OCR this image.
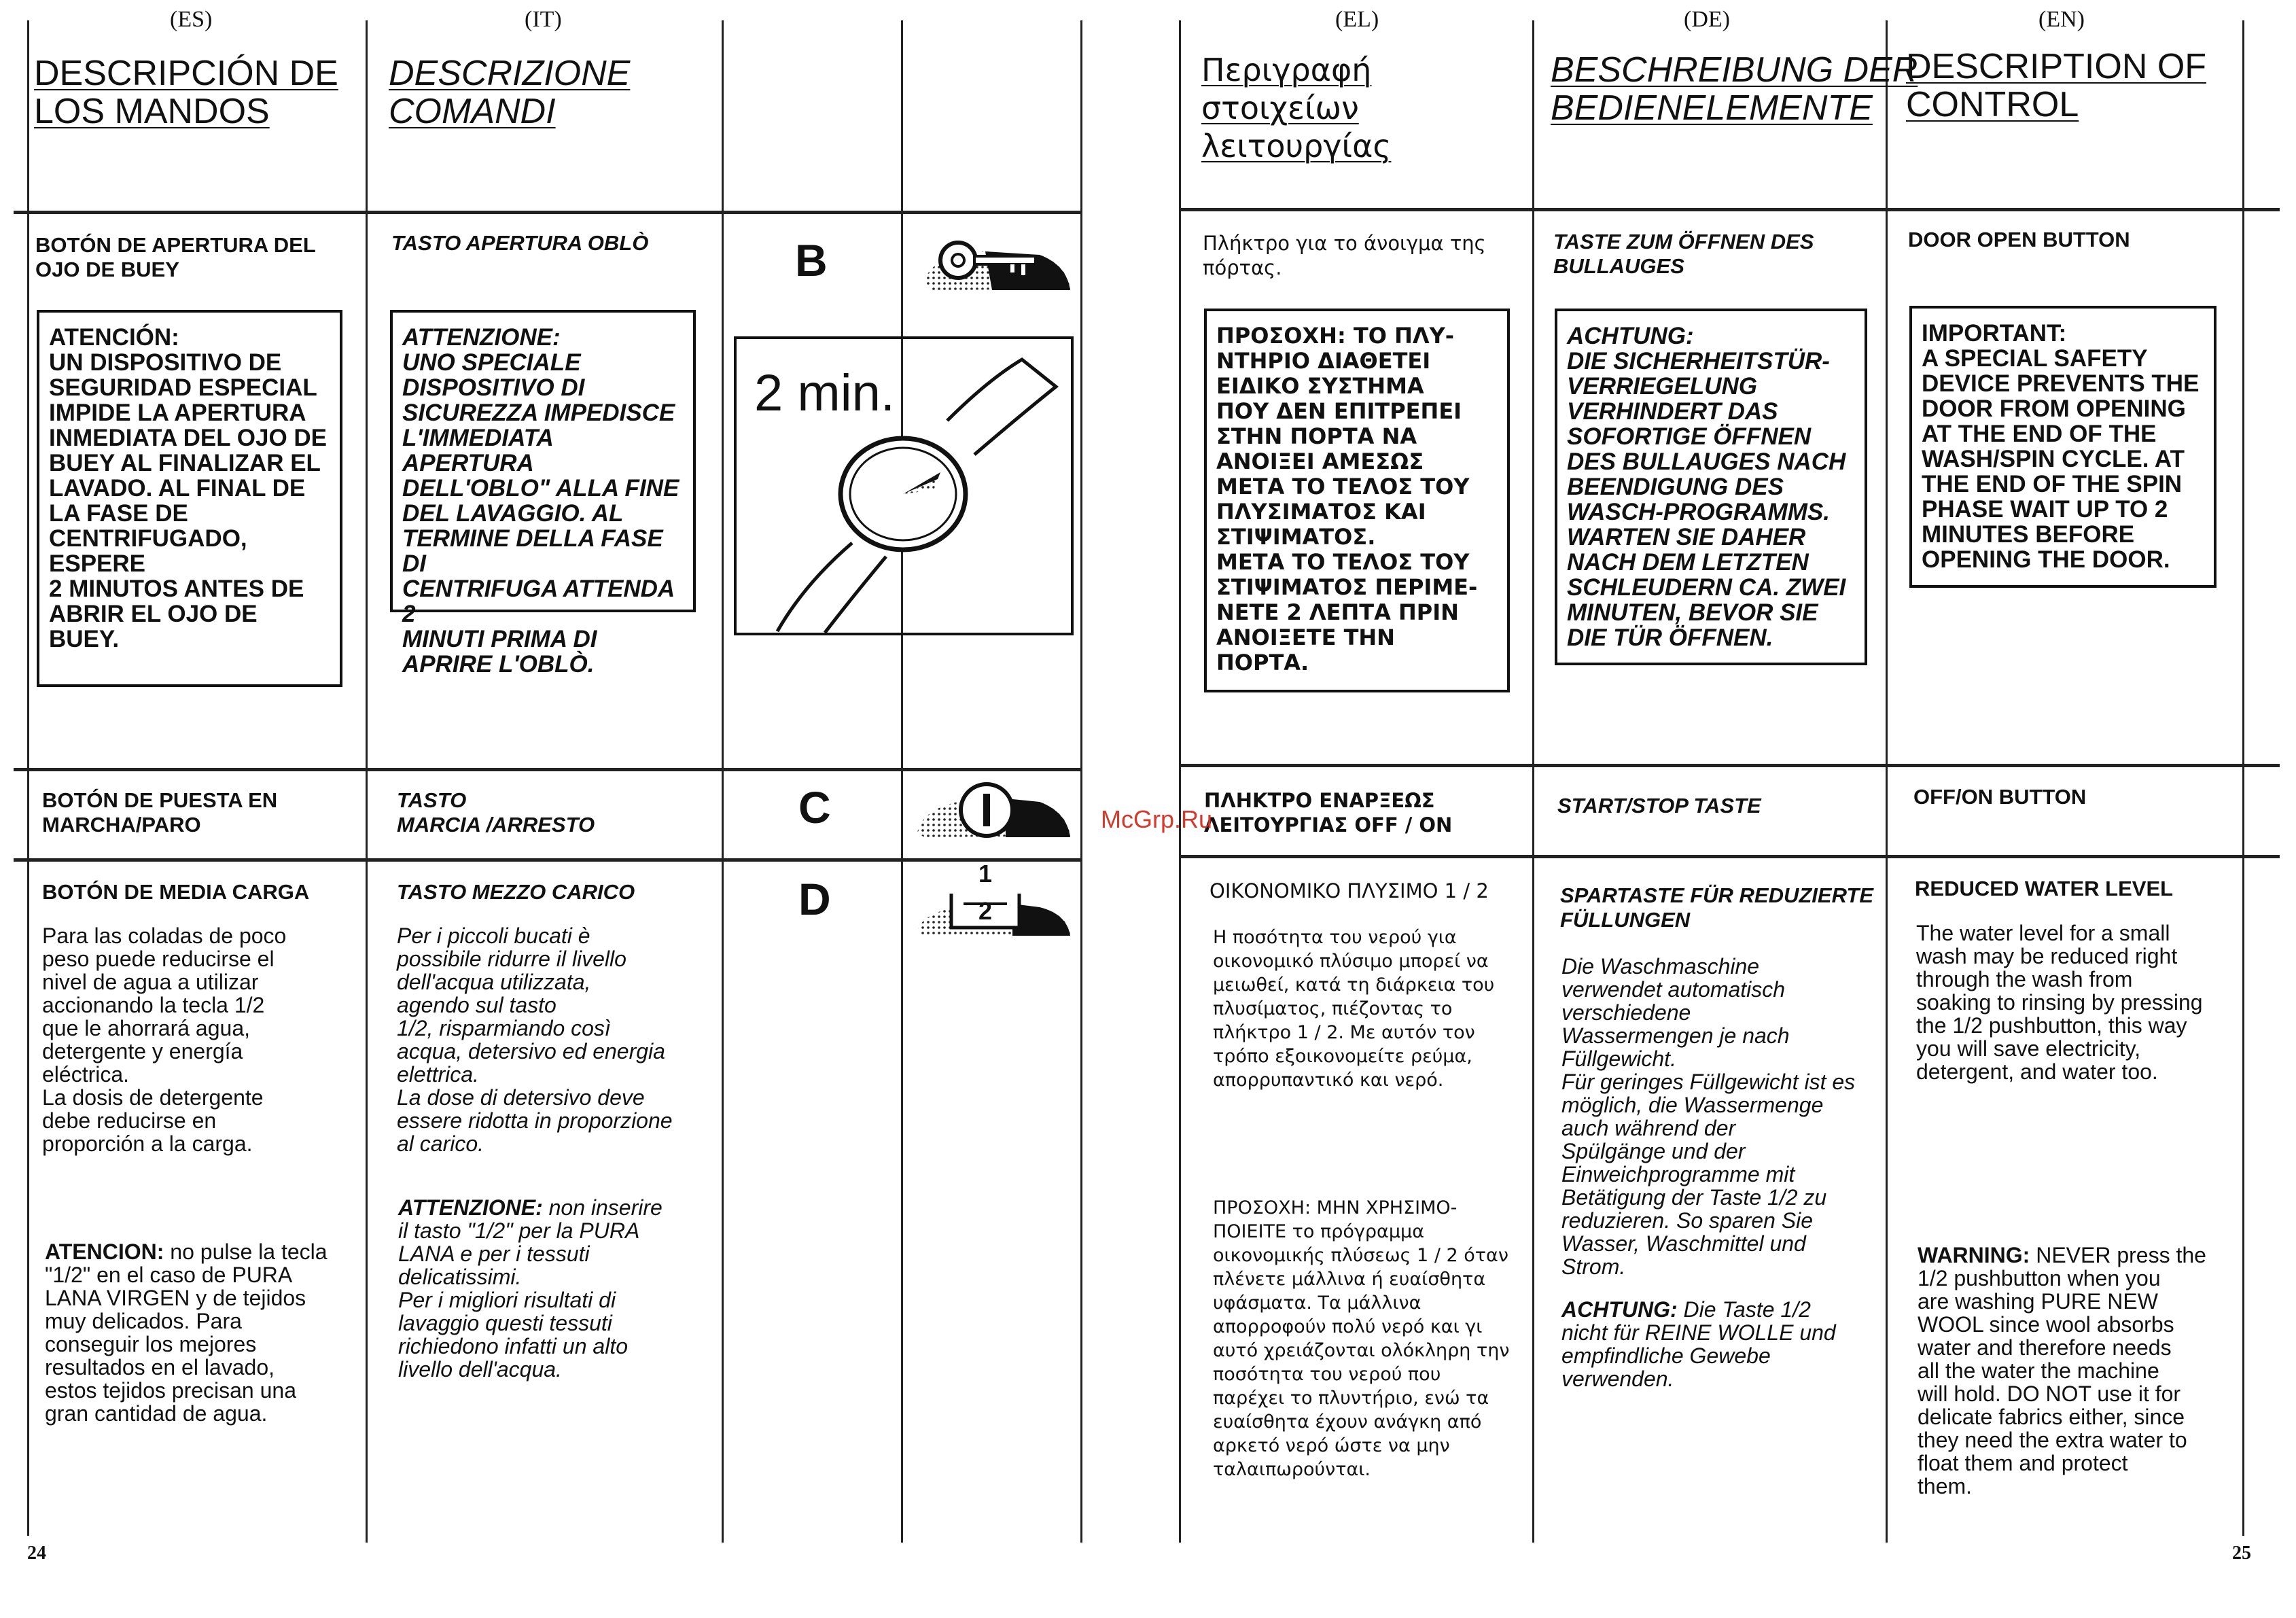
(ES)	(IT)
DESCRIPCIÓN DE
LOS MANDOS
DESCRIZIONE
COMANDI
BOTÓN DE APERTURA DEL
OJO DE BUEY
TASTO APERTURA OBLÒ
ATENCIÓN:
UN DISPOSITIVO DE
SEGURIDAD ESPECIAL
IMPIDE LA APERTURA
INMEDIATA DEL OJO DE
BUEY AL FINALIZAR EL
LAVADO. AL FINAL DE
LA FASE DE
CENTRIFUGADO, ESPERE
2 MINUTOS ANTES DE
ABRIR EL OJO DE BUEY.
ATTENZIONE:
UNO SPECIALE
DISPOSITIVO DI
SICUREZZA IMPEDISCE
L'IMMEDIATA APERTURA
DELL'OBLO" ALLA FINE
DEL LAVAGGIO. AL
TERMINE DELLA FASE DI
CENTRIFUGA ATTENDA 2
MINUTI PRIMA DI
APRIRE L'OBLÒ.
B
2 min.
BOTÓN DE PUESTA EN
MARCHA/PARO
TASTO
MARCIA /ARRESTO	C
BOTÓN DE MEDIA CARGA	TASTO MEZZO CARICO	D
1
2
Para las coladas de poco
peso puede reducirse el
nivel de agua a utilizar
accionando la tecla 1/2
que le ahorrará agua,
detergente y energía
eléctrica.
La dosis de detergente
debe reducirse en
proporción a la carga.
Per i piccoli bucati è
possibile ridurre il livello
dell'acqua utilizzata,
agendo sul tasto
1/2, risparmiando così
acqua, detersivo ed energia
elettrica.
La dose di detersivo deve
essere ridotta in proporzione
al carico.
ATENCION: no pulse la tecla
"1/2" en el caso de PURA
LANA VIRGEN y de tejidos
muy delicados. Para
conseguir los mejores
resultados en el lavado,
estos tejidos precisan una
gran cantidad de agua.
ATTENZIONE: non inserire
il tasto "1/2" per la PURA
LANA e per i tessuti
delicatissimi.
Per i migliori risultati di
lavaggio questi tessuti
richiedono infatti un alto
livello dell'acqua.
24
(EL)	(DE)	(EN)
Περιγραφή
στοιχείων
λειτουργίας
BESCHREIBUNG DER
BEDIENELEMENTE
DESCRIPTION OF
CONTROL
Πλήκτρο για το άνοιγμα της
πόρτας.
TASTE ZUM ÖFFNEN DES
BULLAUGES
DOOR OPEN BUTTON
ΠΡΟΣΟΧΗ: ΤΟ ΠΛΥ-
ΝΤΗΡΙΟ ΔΙΑΘΕΤΕΙ
ΕΙΔΙΚΟ ΣΥΣΤΗΜΑ
ΠΟΥ ΔΕΝ ΕΠΙΤΡΕΠΕΙ
ΣΤΗΝ ΠΟΡΤΑ ΝΑ
ΑΝΟΙΞΕΙ ΑΜΕΣΩΣ
ΜΕΤΑ ΤΟ ΤΕΛΟΣ ΤΟΥ
ΠΛΥΣΙΜΑΤΟΣ ΚΑΙ
ΣΤΙΨΙΜΑΤΟΣ.
ΜΕΤΑ ΤΟ ΤΕΛΟΣ ΤΟΥ
ΣΤΙΨΙΜΑΤΟΣ ΠΕΡΙΜΕ-
ΝΕΤΕ 2 ΛΕΠΤΑ ΠΡΙΝ
ΑΝΟΙΞΕΤΕ ΤΗΝ
ΠΟΡΤΑ.
ACHTUNG:
DIE SICHERHEITSTÜR-
VERRIEGELUNG
VERHINDERT DAS
SOFORTIGE ÖFFNEN
DES BULLAUGES NACH
BEENDIGUNG DES
WASCH-PROGRAMMS.
WARTEN SIE DAHER
NACH DEM LETZTEN
SCHLEUDERN CA. ZWEI
MINUTEN, BEVOR SIE
DIE TÜR ÖFFNEN.
IMPORTANT:
A SPECIAL SAFETY
DEVICE PREVENTS THE
DOOR FROM OPENING
AT THE END OF THE
WASH/SPIN CYCLE. AT
THE END OF THE SPIN
PHASE WAIT UP TO 2
MINUTES BEFORE
OPENING THE DOOR.
ΠΛΗΚΤΡΟ ΕΝΑΡΞΕΩΣ
ΛΕΙΤΟΥΡΓΙΑΣ OFF / ON
START/STOP TASTE	OFF/ON BUTTON
McGrp.Ru
ΟΙΚΟΝΟΜΙΚΟ ΠΛΥΣΙΜΟ 1 / 2	SPARTASTE FÜR REDUZIERTE
FÜLLUNGEN
REDUCED WATER LEVEL
Η ποσότητα του νερού για
οικονομικό πλύσιμο μπορεί να
μειωθεί, κατά τη διάρκεια του
πλυσίματος, πιέζοντας το
πλήκτρο 1 / 2. Με αυτόν τον
τρόπο εξοικονομείτε ρεύμα,
απορρυπαντικό και νερό.
Die Waschmaschine
verwendet automatisch
verschiedene
Wassermengen je nach
Füllgewicht.
Für geringes Füllgewicht ist es
möglich, die Wassermenge
auch während der
Spülgänge und der
Einweichprogramme mit
Betätigung der Taste 1/2 zu
reduzieren. So sparen Sie
Wasser, Waschmittel und
Strom.
The water level for a small
wash may be reduced right
through the wash from
soaking to rinsing by pressing
the 1/2 pushbutton, this way
you will save electricity,
detergent, and water too.
ΠΡΟΣΟΧΗ: ΜΗΝ ΧΡΗΣΙΜΟ-
ΠΟΙΕΙΤΕ το πρόγραμμα
οικονομικής πλύσεως 1 / 2 όταν
πλένετε μάλλινα ή ευαίσθητα
υφάσματα. Τα μάλλινα
απορροφούν πολύ νερό και γι
αυτό χρειάζονται ολόκληρη την
ποσότητα του νερού που
παρέχει το πλυντήριο, ενώ τα
ευαίσθητα έχουν ανάγκη από
αρκετό νερό ώστε να μην
ταλαιπωρούνται.
ACHTUNG: Die Taste 1/2
nicht für REINE WOLLE und
empfindliche Gewebe
verwenden.
WARNING: NEVER press the
1/2 pushbutton when you
are washing PURE NEW
WOOL since wool absorbs
water and therefore needs
all the water the machine
will hold. DO NOT use it for
delicate fabrics either, since
they need the extra water to
float them and protect
them.
25
